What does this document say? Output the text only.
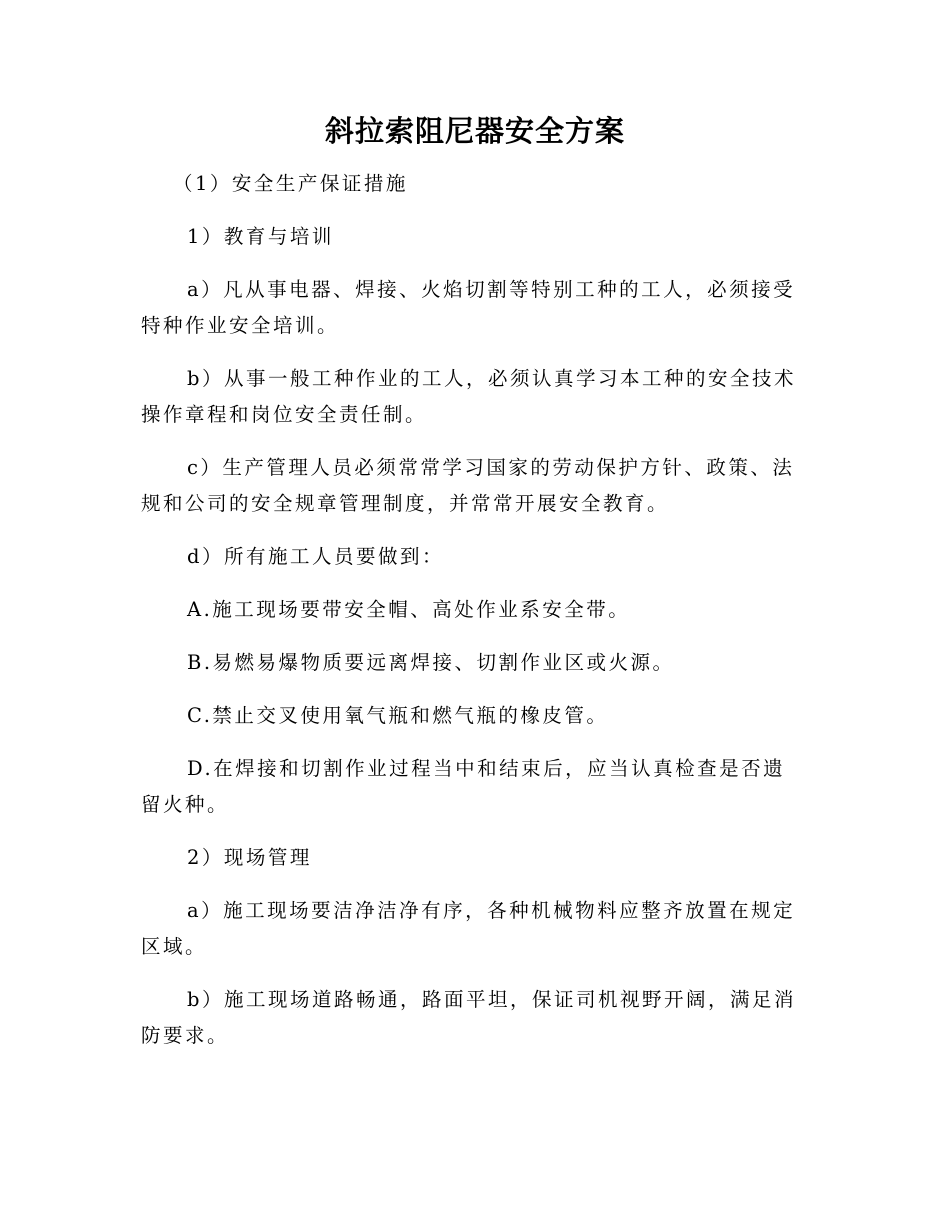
斜拉索阻尼器安全方案

（1）安全生产保证措施

1）教育与培训

a）凡从事电器、焊接、火焰切割等特别工种的工人，必须接受特种作业安全培训。

b）从事一般工种作业的工人，必须认真学习本工种的安全技术操作章程和岗位安全责任制。

c）生产管理人员必须常常学习国家的劳动保护方针、政策、法规和公司的安全规章管理制度，并常常开展安全教育。

d）所有施工人员要做到：

A.施工现场要带安全帽、高处作业系安全带。

B.易燃易爆物质要远离焊接、切割作业区或火源。

C.禁止交叉使用氧气瓶和燃气瓶的橡皮管。

D.在焊接和切割作业过程当中和结束后，应当认真检查是否遗留火种。

2）现场管理

a）施工现场要洁净洁净有序，各种机械物料应整齐放置在规定区域。

b）施工现场道路畅通，路面平坦，保证司机视野开阔，满足消防要求。
